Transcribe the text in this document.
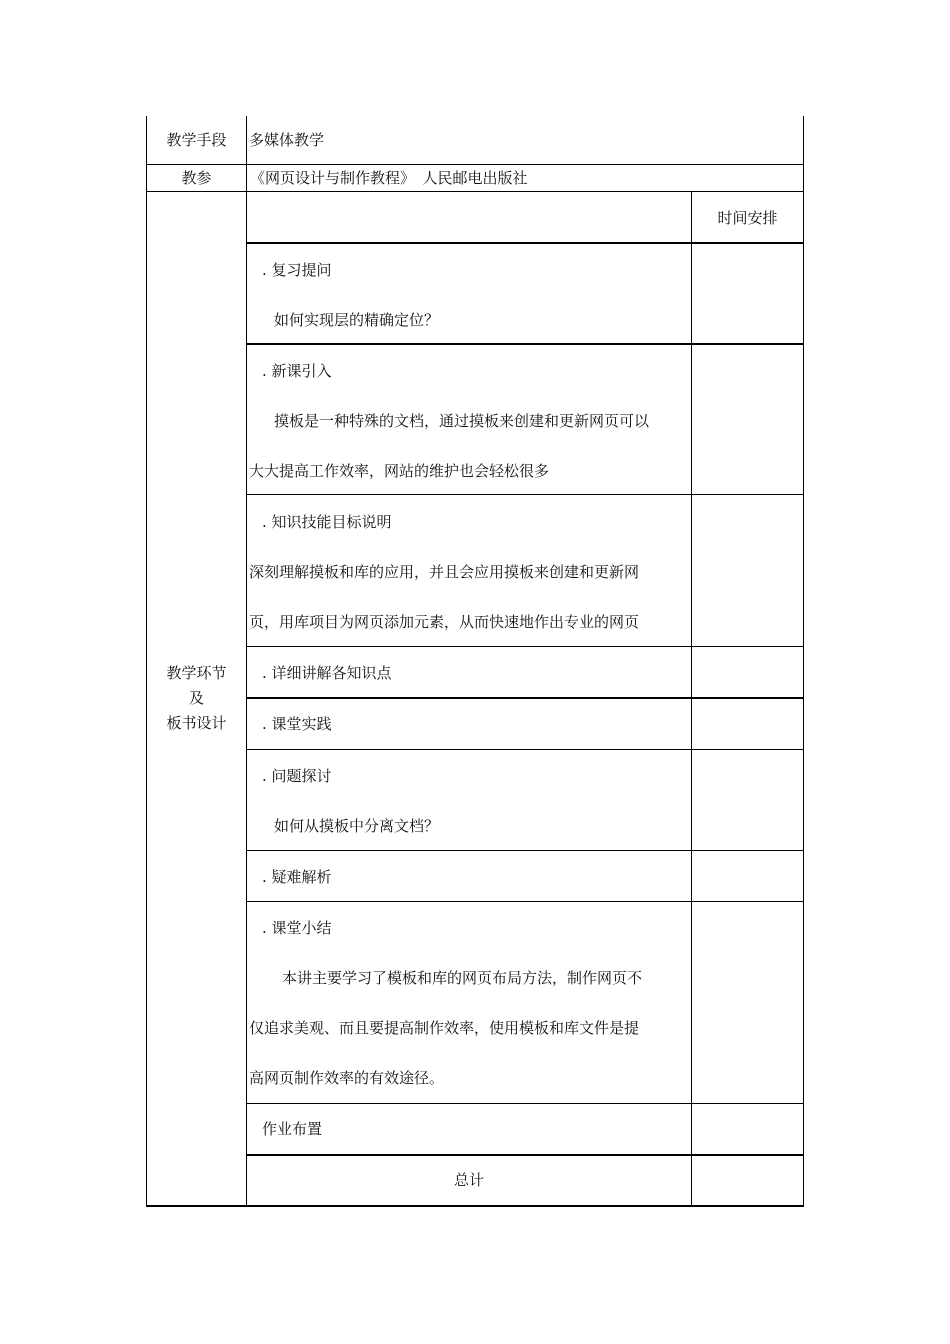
教学手段	多媒体教学
教参	《网页设计与制作教程》　人民邮电出版社
教学环节
及
板书设计
时间安排
. 复习提问
如何实现层的精确定位？
. 新课引入
摸板是一种特殊的文档，通过摸板来创建和更新网页可以
大大提高工作效率，网站的维护也会轻松很多
. 知识技能目标说明
深刻理解摸板和库的应用，并且会应用摸板来创建和更新网
页，用库项目为网页添加元素，从而快速地作出专业的网页
. 详细讲解各知识点
. 课堂实践
. 问题探讨
如何从摸板中分离文档？
. 疑难解析
. 课堂小结
本讲主要学习了模板和库的网页布局方法，制作网页不
仅追求美观、而且要提高制作效率，使用模板和库文件是提
高网页制作效率的有效途径。
作业布置
总计
